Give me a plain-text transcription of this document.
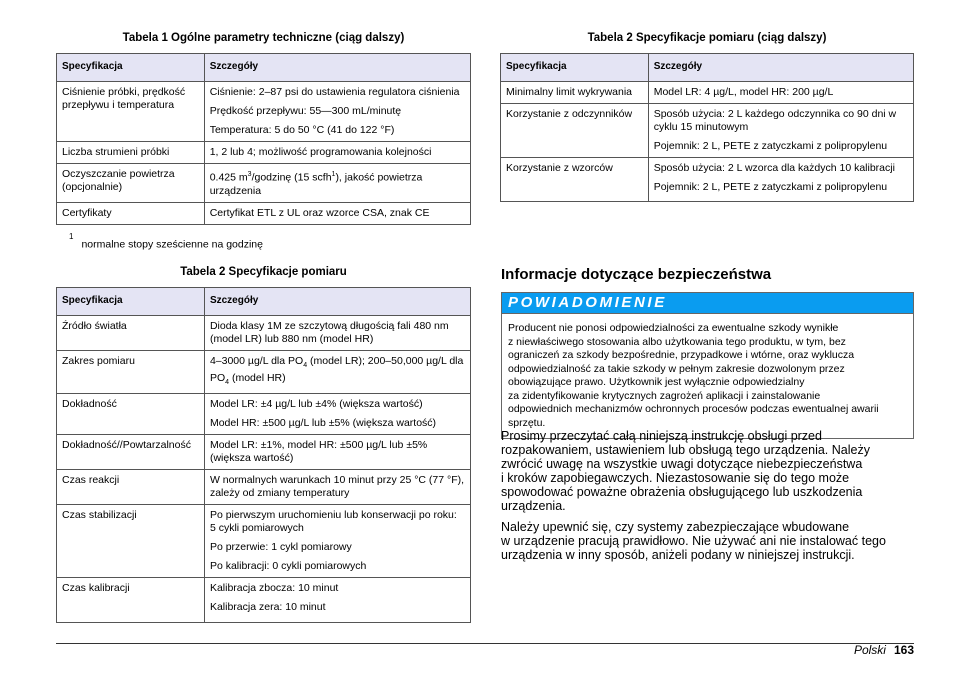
Tabela 1 Ogólne parametry techniczne (ciąg dalszy)
Specyfikacja	Szczegóły
Ciśnienie próbki, prędkość przepływu i temperatura	Ciśnienie: 2–87 psi do ustawienia regulatora ciśnienia

Prędkość przepływu: 55—300 mL/minutę

Temperatura: 5 do 50 °C (41 do 122 °F)

Liczba strumieni próbki	1, 2 lub 4; możliwość programowania kolejności

Oczyszczanie powietrza (opcjonalnie)	0.425 $m^3$/godzinę (15 scfh$^1$), jakość powietrza urządzenia

Certyfikaty	Certyfikat ETL z UL oraz wzorce CSA, znak CE

$^1$normalne stopy sześcienne na godzinę
Tabela 2 Specyfikacje pomiaru
Specyfikacja	Szczegóły
Źródło światła	Dioda klasy 1M ze szczytową długością fali 480 nm (model LR) lub 880 nm (model HR)

Zakres pomiaru	4–3000 µg/L dla $PO_4$ (model LR); 200–50,000 µg/L dla $PO_4$ (model HR)

Dokładność	Model LR: ±4 µg/L lub ±4% (większa wartość)

Model HR: ±500 µg/L lub ±5% (większa wartość)

Dokładność//Powtarzalność	Model LR: ±1%, model HR: ±500 µg/L lub ±5% (większa wartość)

Czas reakcji	W normalnych warunkach 10 minut przy 25 °C (77 °F), zależy od zmiany temperatury

Czas stabilizacji	Po pierwszym uruchomieniu lub konserwacji po roku: 5 cykli pomiarowych

Po przerwie: 1 cykl pomiarowy

Po kalibracji: 0 cykli pomiarowych

Czas kalibracji	Kalibracja zbocza: 10 minut

Kalibracja zera: 10 minut

Tabela 2 Specyfikacje pomiaru (ciąg dalszy)
Specyfikacja	Szczegóły
Minimalny limit wykrywania	Model LR: 4 µg/L, model HR: 200 µg/L

Korzystanie z odczynników	Sposób użycia: 2 L każdego odczynnika co 90 dni w cyklu 15 minutowym

Pojemnik: 2 L, PETE z zatyczkami z polipropylenu

Korzystanie z wzorców	Sposób użycia: 2 L wzorca dla każdych 10 kalibracji

Pojemnik: 2 L, PETE z zatyczkami z polipropylenu

Informacje dotyczące bezpieczeństwa
POWIADOMIENIE
Producent nie ponosi odpowiedzialności za ewentualne szkody wynikłe
z niewłaściwego stosowania albo użytkowania tego produktu, w tym, bez
ograniczeń za szkody bezpośrednie, przypadkowe i wtórne, oraz wyklucza
odpowiedzialność za takie szkody w pełnym zakresie dozwolonym przez
obowiązujące prawo. Użytkownik jest wyłącznie odpowiedzialny
za zidentyfikowanie krytycznych zagrożeń aplikacji i zainstalowanie
odpowiednich mechanizmów ochronnych procesów podczas ewentualnej awarii
sprzętu.
Prosimy przeczytać całą niniejszą instrukcję obsługi przed
rozpakowaniem, ustawieniem lub obsługą tego urządzenia. Należy
zwrócić uwagę na wszystkie uwagi dotyczące niebezpieczeństwa
i kroków zapobiegawczych. Niezastosowanie się do tego może
spowodować poważne obrażenia obsługującego lub uszkodzenia
urządzenia.
Należy upewnić się, czy systemy zabezpieczające wbudowane
w urządzenie pracują prawidłowo. Nie używać ani nie instalować tego
urządzenia w inny sposób, aniżeli podany w niniejszej instrukcji.
Polski 163
